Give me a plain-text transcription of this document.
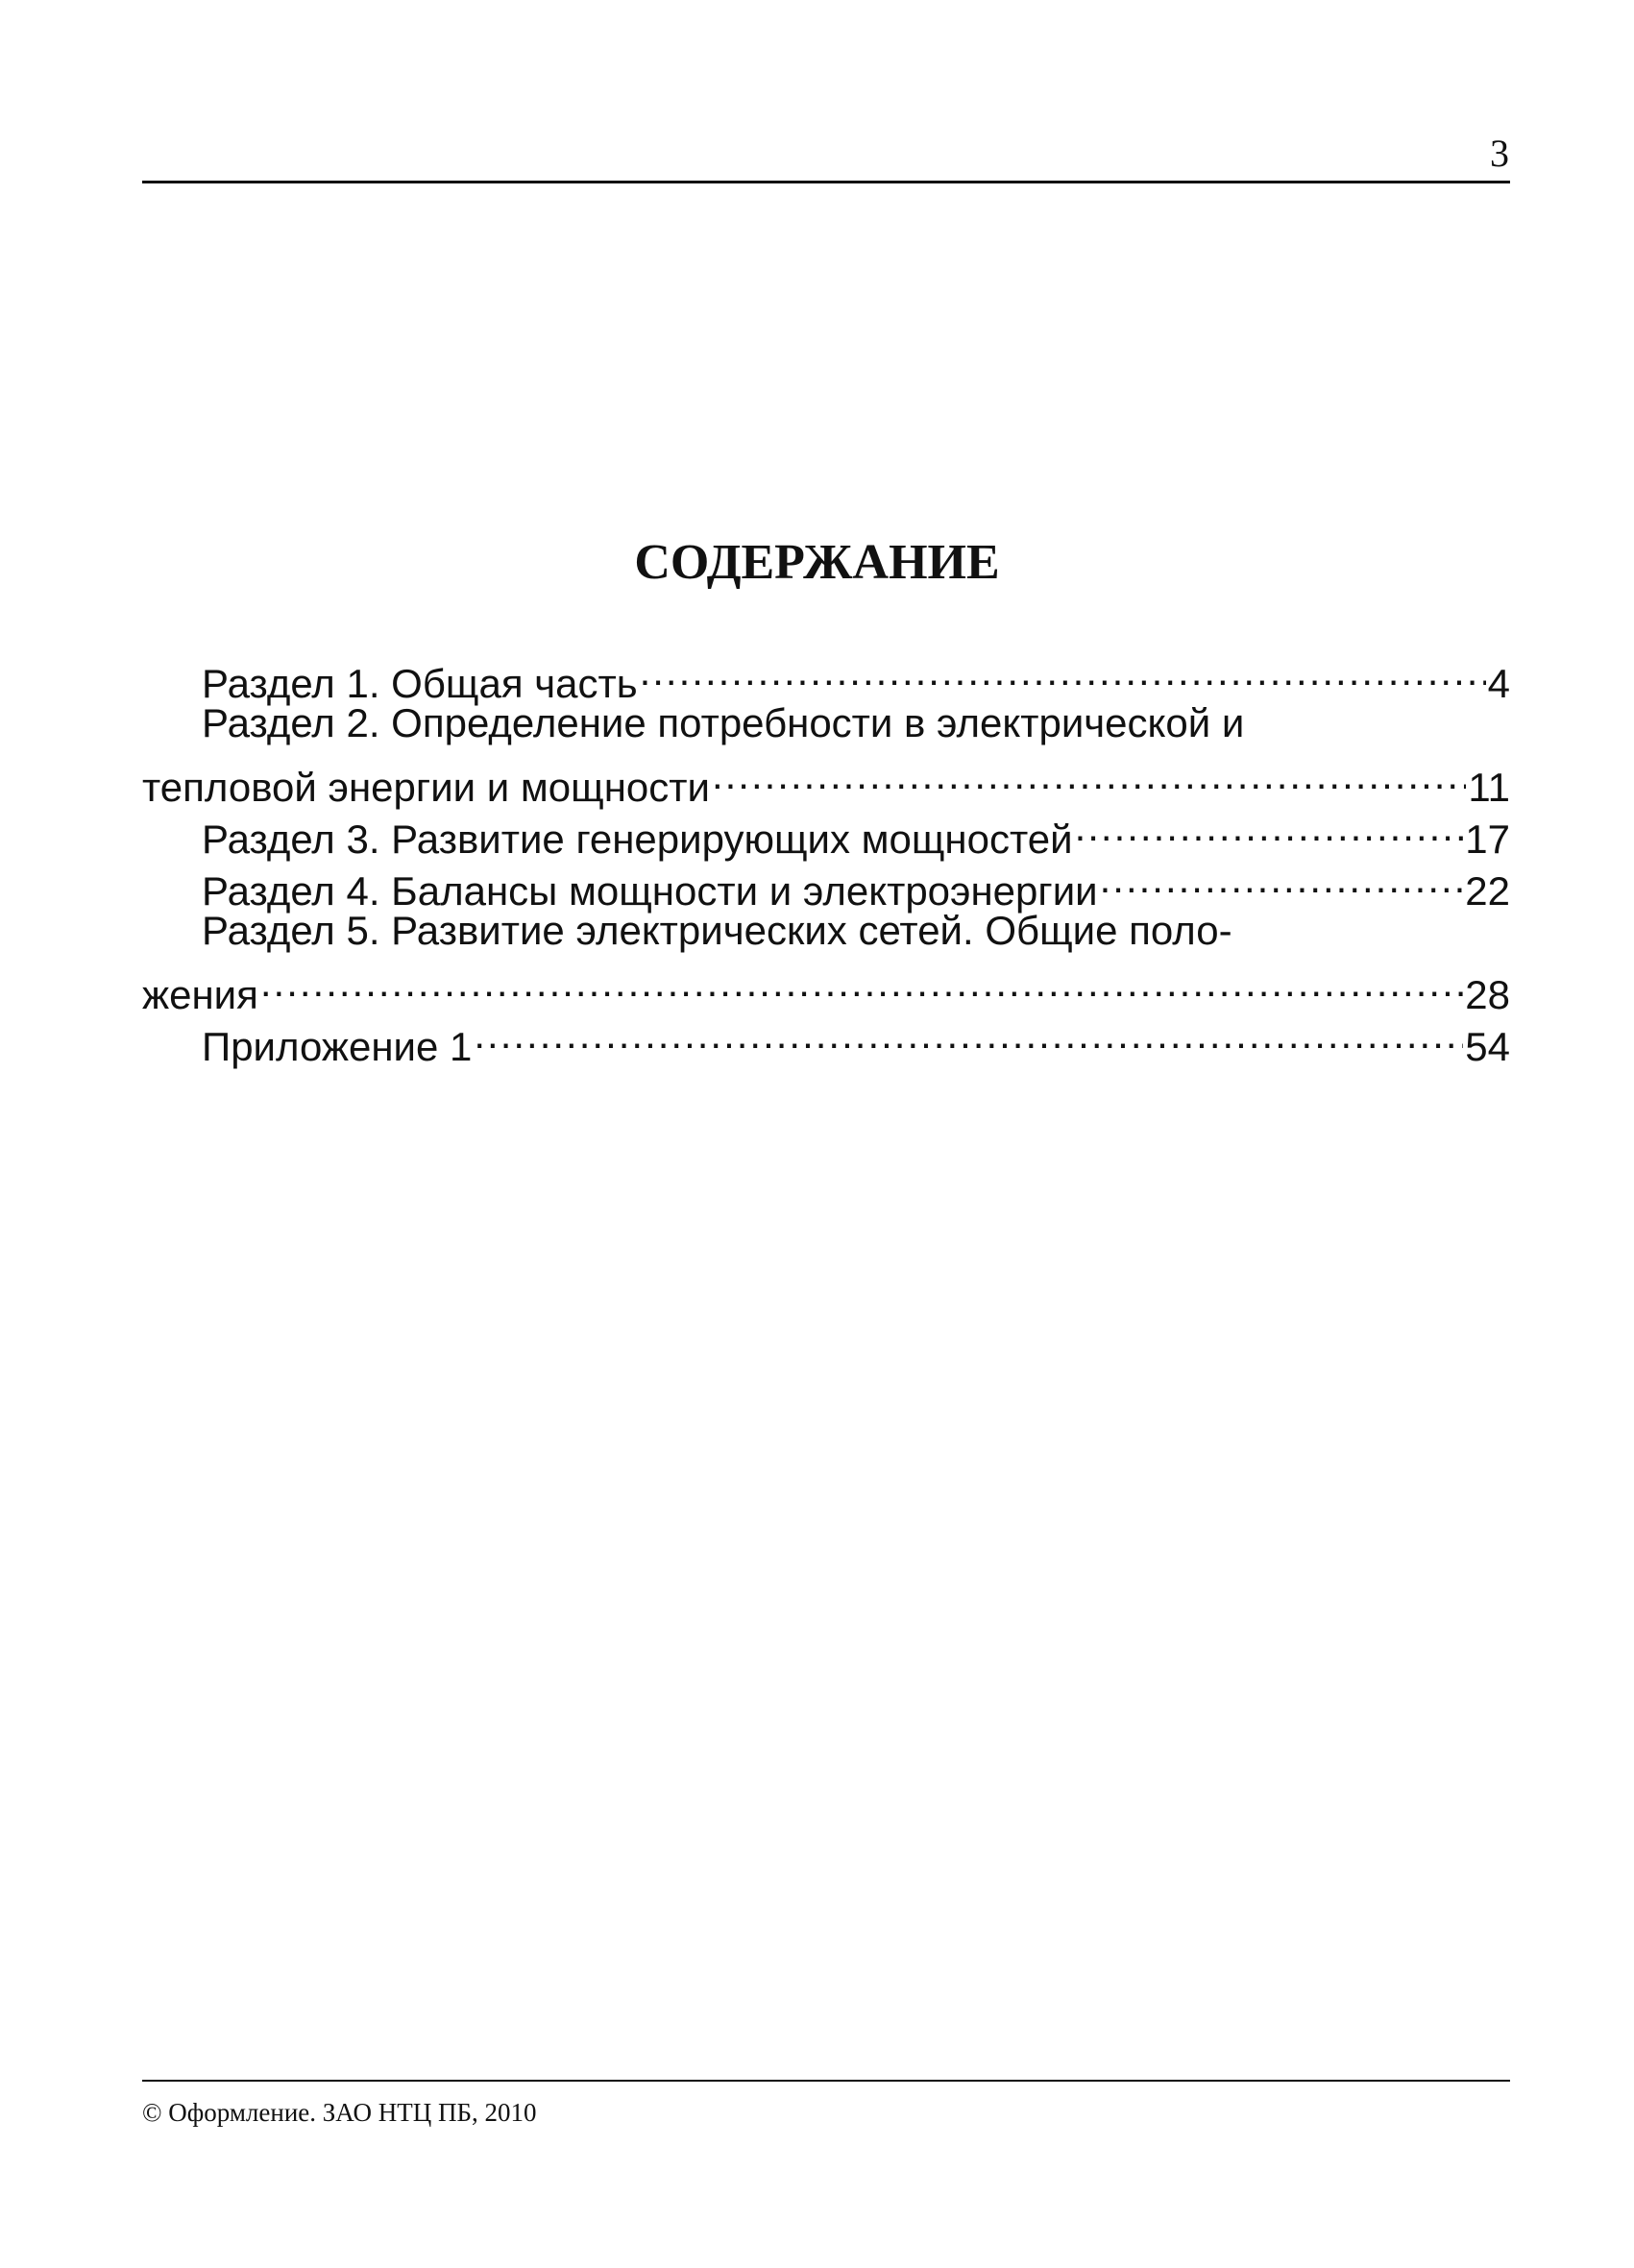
3
СОДЕРЖАНИЕ
Раздел 1. Общая часть .....	4
Раздел 2. Определение потребности в электрической и
тепловой энергии и мощности .....	11
Раздел 3. Развитие генерирующих мощностей .....	17
Раздел 4. Балансы мощности и электроэнергии .....	22
Раздел 5. Развитие электрических сетей. Общие поло-
жения .....	28
Приложение 1 .....	54
© Оформление. ЗАО НТЦ ПБ, 2010
